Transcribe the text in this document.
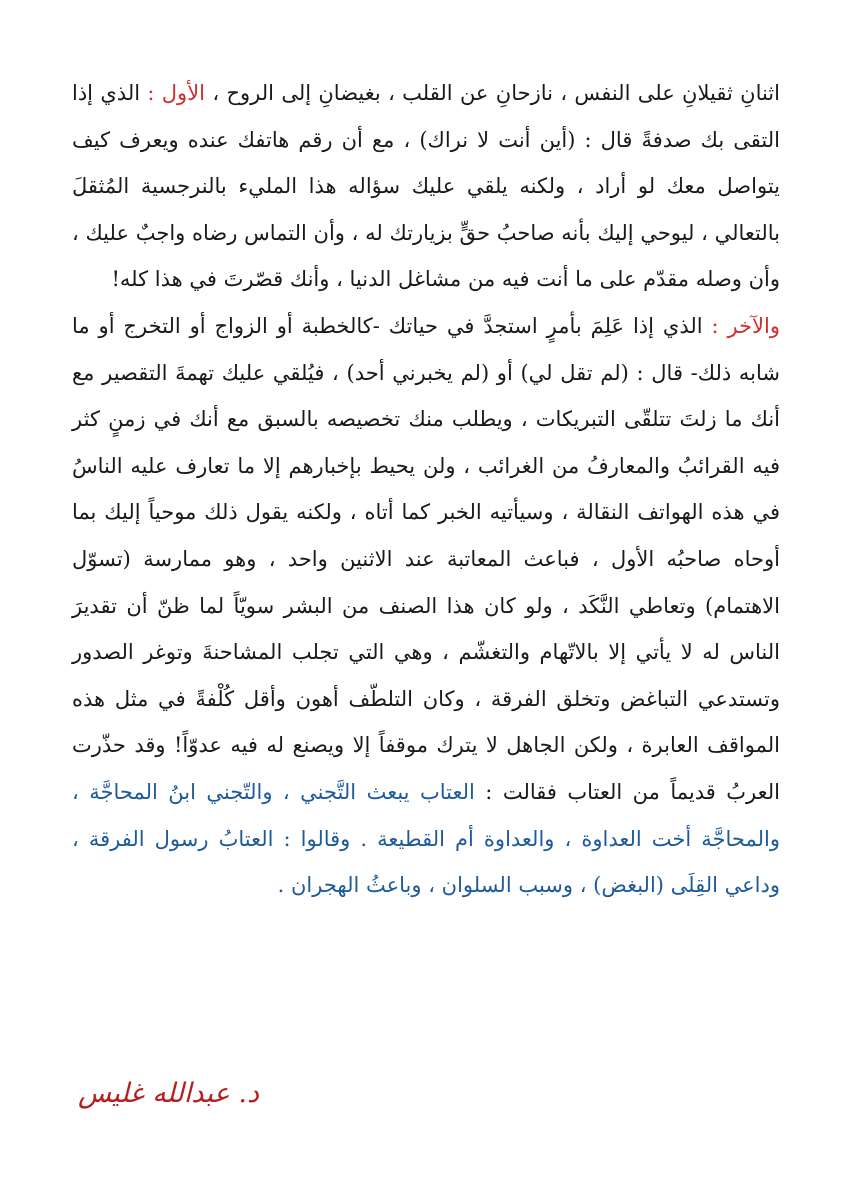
اثنانِ ثقيلانِ على النفس ، نازحانِ عن القلب ، بغيضانِ إلى الروح ، الأول : الذي إذا التقى بك صدفةً قال : (أين أنت لا نراك) ، مع أن رقم هاتفك عنده ويعرف كيف يتواصل معك لو أراد ، ولكنه يلقي عليك سؤاله هذا المليء بالنرجسية المُثقلَ بالتعالي ، ليوحي إليك بأنه صاحبُ حقٍّ بزيارتك له ، وأن التماس رضاه واجبٌ عليك ، وأن وصله مقدّم على ما أنت فيه من مشاغل الدنيا ، وأنك قصّرتَ في هذا كله!

والآخر : الذي إذا عَلِمَ بأمرٍ استجدَّ في حياتك -كالخطبة أو الزواج أو التخرج أو ما شابه ذلك- قال : (لم تقل لي) أو (لم يخبرني أحد) ، فيُلقي عليك تهمةَ التقصير مع أنك ما زلتَ تتلقّى التبريكات ، ويطلب منك تخصيصه بالسبق مع أنك في زمنٍ كثر فيه القرائبُ والمعارفُ من الغرائب ، ولن يحيط بإخبارهم إلا ما تعارف عليه الناسُ في هذه الهواتف النقالة ، وسيأتيه الخبر كما أتاه ، ولكنه يقول ذلك موحياً إليك بما أوحاه صاحبُه الأول ، فباعث المعاتبة عند الاثنين واحد ، وهو ممارسة (تسوّل الاهتمام) وتعاطي النَّكَد ، ولو كان هذا الصنف من البشر سويّاً لما ظنّ أن تقديرَ الناس له لا يأتي إلا بالاتّهام والتغشّم ، وهي التي تجلب المشاحنةَ وتوغر الصدور وتستدعي التباغض وتخلق الفرقة ، وكان التلطّف أهون وأقل كُلْفةً في مثل هذه المواقف العابرة ، ولكن الجاهل لا يترك موقفاً إلا ويصنع له فيه عدوّاً! وقد حذّرت العربُ قديماً من العتاب فقالت : العتاب يبعث التَّجني ، والتّجني ابنُ المحاجَّة ، والمحاجَّة أخت العداوة ، والعداوة أم القطيعة . وقالوا : العتابُ رسول الفرقة ، وداعي القِلَى (البغض) ، وسبب السلوان ، وباعثُ الهجران .

د. عبدالله غليس
